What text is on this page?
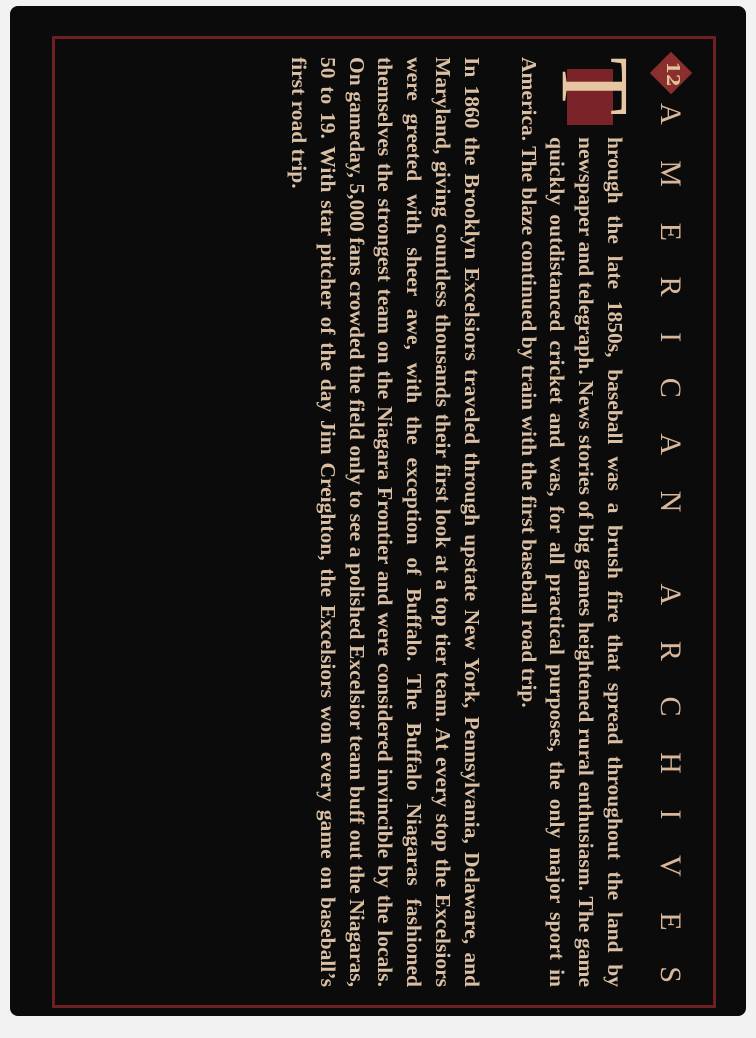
12
A
M
E
R
I
C
A
N
A
R
C
H
I
V
E
S

T
hrough the late 1850s, baseball was a brush fire that spread throughout the land by newspaper and telegraph. News stories of big games heightened rural enthusiasm. The game quickly outdistanced cricket and was, for all practical purposes, the only major sport in America. The blaze continued by train with the first baseball road trip.

In 1860 the Brooklyn Excelsiors traveled through upstate New York, Pennsylvania, Delaware, and Maryland, giving countless thousands their first look at a top tier team. At every stop the Excelsiors were greeted with sheer awe, with the exception of Buffalo. The Buffalo Niagaras fashioned themselves the strongest team on the Niagara Frontier and were considered invincible by the locals. On gameday, 5,000 fans crowded the field only to see a polished Excelsior team buff out the Niagaras, 50 to 19. With star pitcher of the day Jim Creighton, the Excelsiors won every game on baseball’s first road trip.
